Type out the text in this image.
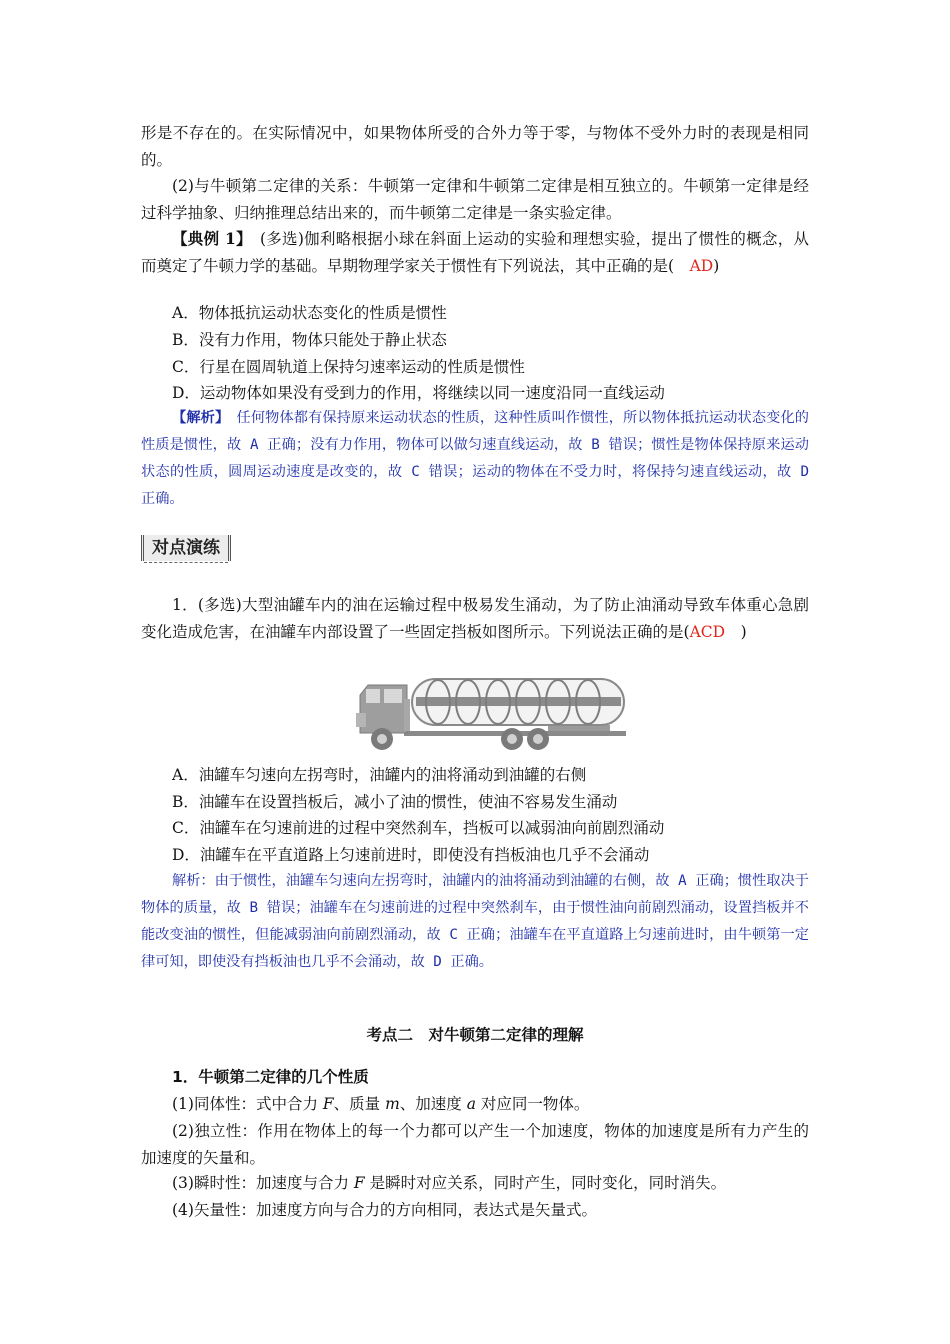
形是不存在的。在实际情况中，如果物体所受的合外力等于零，与物体不受外力时的表现是相同的。

(2)与牛顿第二定律的关系：牛顿第一定律和牛顿第二定律是相互独立的。牛顿第一定律是经过科学抽象、归纳推理总结出来的，而牛顿第二定律是一条实验定律。

【典例 1】　 (多选)伽利略根据小球在斜面上运动的实验和理想实验，提出了惯性的概念，从而奠定了牛顿力学的基础。早期物理学家关于惯性有下列说法，其中正确的是(　 AD)

A．物体抵抗运动状态变化的性质是惯性
B．没有力作用，物体只能处于静止状态
C．行星在圆周轨道上保持匀速率运动的性质是惯性
D．运动物体如果没有受到力的作用，将继续以同一速度沿同一直线运动

【解析】　 任何物体都有保持原来运动状态的性质，这种性质叫作惯性，所以物体抵抗运动状态变化的性质是惯性，故 A 正确；没有力作用，物体可以做匀速直线运动，故 B 错误；惯性是物体保持原来运动状态的性质，圆周运动速度是改变的，故 C 错误；运动的物体在不受力时，将保持匀速直线运动，故 D 正确。

对点演练

1．(多选)大型油罐车内的油在运输过程中极易发生涌动，为了防止油涌动导致车体重心急剧变化造成危害，在油罐车内部设置了一些固定挡板如图所示。下列说法正确的是(ACD　 )

A．油罐车匀速向左拐弯时，油罐内的油将涌动到油罐的右侧
B．油罐车在设置挡板后，减小了油的惯性，使油不容易发生涌动
C．油罐车在匀速前进的过程中突然刹车，挡板可以减弱油向前剧烈涌动
D．油罐车在平直道路上匀速前进时，即使没有挡板油也几乎不会涌动

解析：由于惯性，油罐车匀速向左拐弯时，油罐内的油将涌动到油罐的右侧，故 A 正确；惯性取决于物体的质量，故 B 错误；油罐车在匀速前进的过程中突然刹车，由于惯性油向前剧烈涌动，设置挡板并不能改变油的惯性，但能减弱油向前剧烈涌动，故 C 正确；油罐车在平直道路上匀速前进时，由牛顿第一定律可知，即使没有挡板油也几乎不会涌动，故 D 正确。

考点二　对牛顿第二定律的理解
1．牛顿第二定律的几个性质
(1)同体性：式中合力 F、质量 m、加速度 a 对应同一物体。

(2)独立性：作用在物体上的每一个力都可以产生一个加速度，物体的加速度是所有力产生的加速度的矢量和。

(3)瞬时性：加速度与合力 F 是瞬时对应关系，同时产生，同时变化，同时消失。
(4)矢量性：加速度方向与合力的方向相同，表达式是矢量式。
